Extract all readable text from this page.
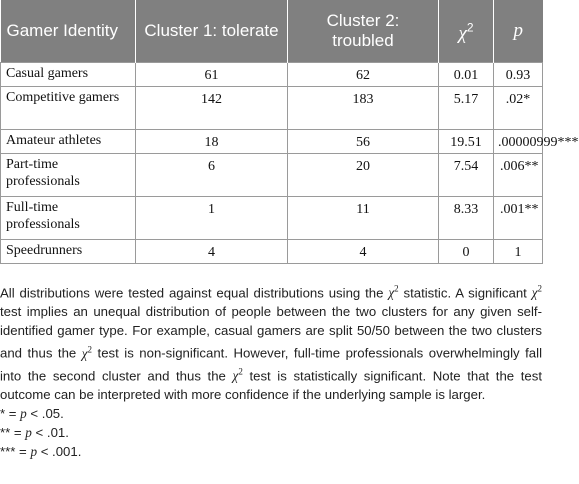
Gamer Identity	Cluster 1: tolerate	Cluster 2: troubled	$\chi^2$	p
Casual gamers	61	62	0.01	0.93
Competitive gamers	142	183	5.17	.02*
Amateur athletes	18	56	19.51	.00000999***
Part-time professionals	6	20	7.54	.006**
Full-time professionals	1	11	8.33	.001**
Speedrunners	4	4	0	1

All distributions were tested against equal distributions using the $\chi^2$ statistic. A significant $\chi^2$ test implies an unequal distribution of people between the two clusters for any given self-identified gamer type. For example, casual gamers are split 50/50 between the two clusters and thus the $\chi^2$ test is non-significant. However, full-time professionals overwhelmingly fall into the second cluster and thus the $\chi^2$ test is statistically significant. Note that the test outcome can be interpreted with more confidence if the underlying sample is larger.

* = p < .05.

** = p < .01.

*** = p < .001.
